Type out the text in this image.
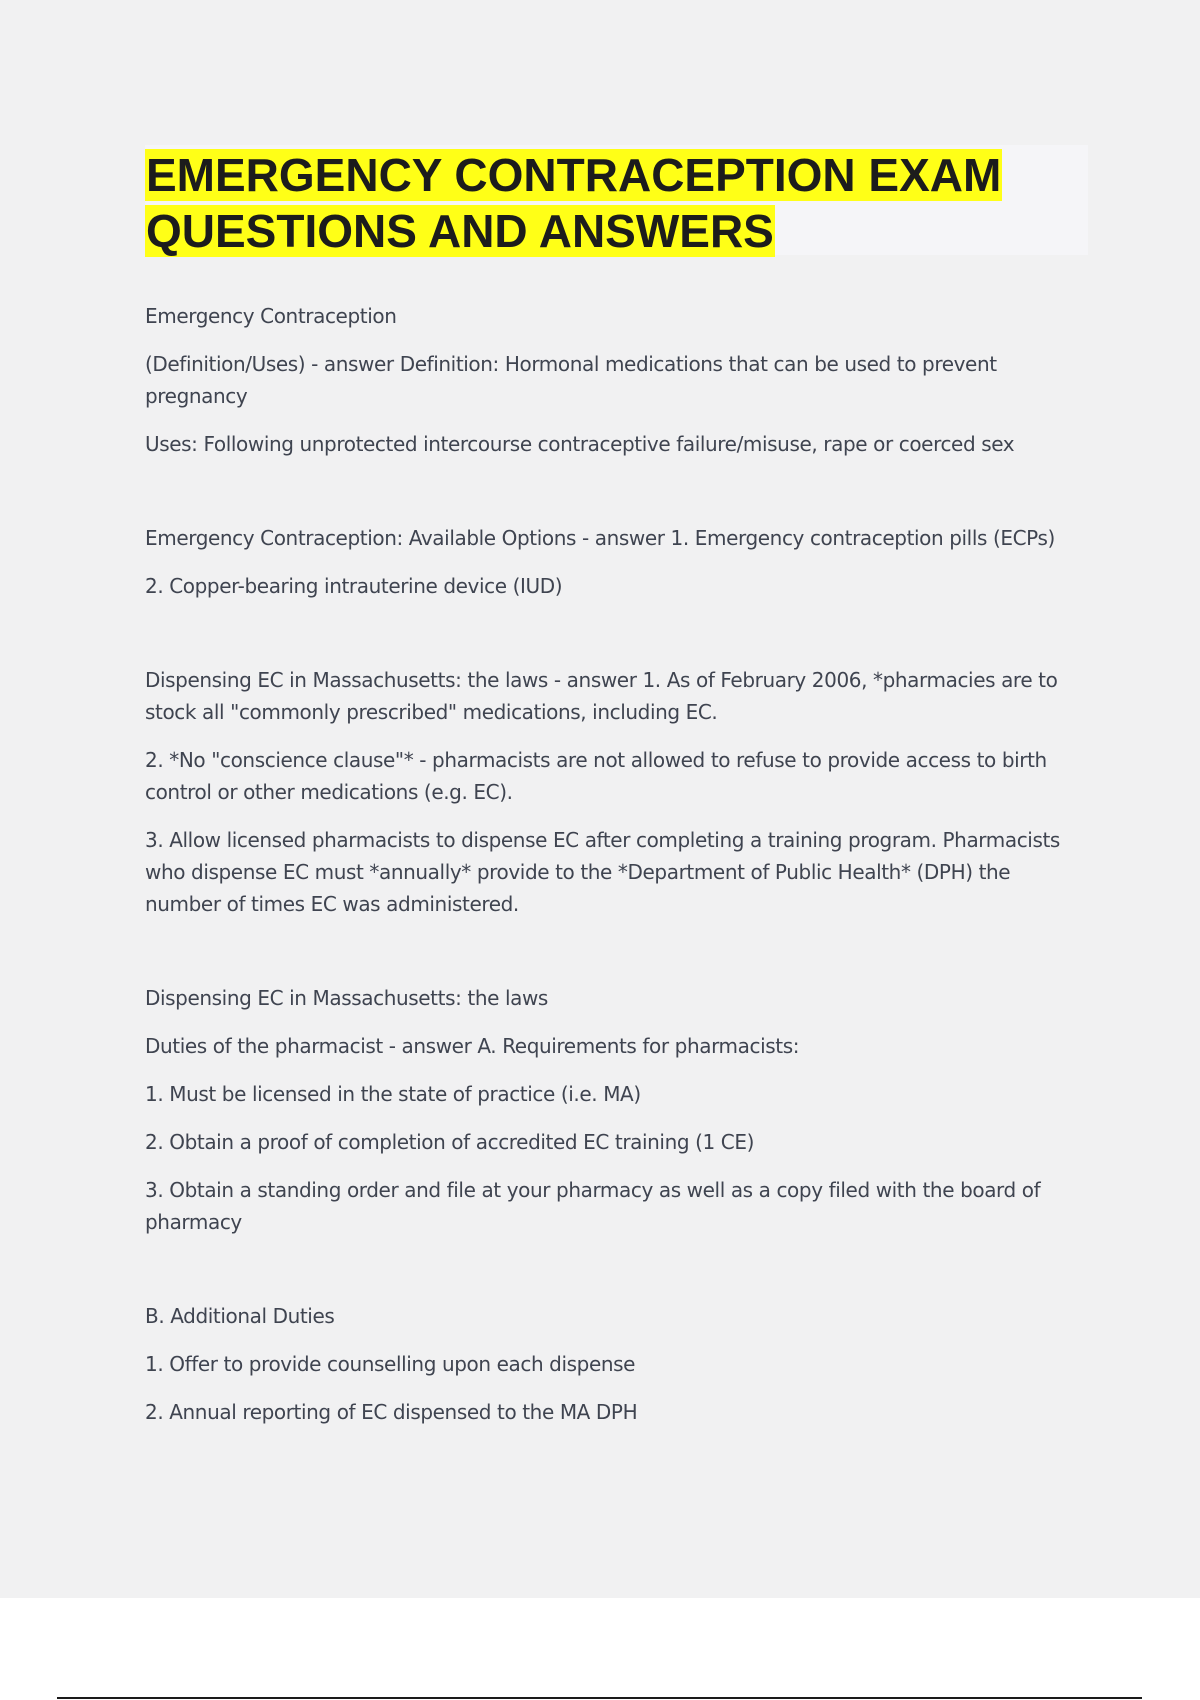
EMERGENCY CONTRACEPTION EXAM
QUESTIONS AND ANSWERS

Emergency Contraception

(Definition/Uses) - answer Definition: Hormonal medications that can be used to prevent pregnancy

Uses: Following unprotected intercourse contraceptive failure/misuse, rape or coerced sex

Emergency Contraception: Available Options - answer 1. Emergency contraception pills (ECPs)

2. Copper-bearing intrauterine device (IUD)

Dispensing EC in Massachusetts: the laws - answer 1. As of February 2006, *pharmacies are to stock all "commonly prescribed" medications, including EC.

2. *No "conscience clause"* - pharmacists are not allowed to refuse to provide access to birth control or other medications (e.g. EC).

3. Allow licensed pharmacists to dispense EC after completing a training program. Pharmacists who dispense EC must *annually* provide to the *Department of Public Health* (DPH) the number of times EC was administered.

Dispensing EC in Massachusetts: the laws

Duties of the pharmacist - answer A. Requirements for pharmacists:

1. Must be licensed in the state of practice (i.e. MA)

2. Obtain a proof of completion of accredited EC training (1 CE)

3. Obtain a standing order and file at your pharmacy as well as a copy filed with the board of pharmacy

B. Additional Duties

1. Offer to provide counselling upon each dispense

2. Annual reporting of EC dispensed to the MA DPH
